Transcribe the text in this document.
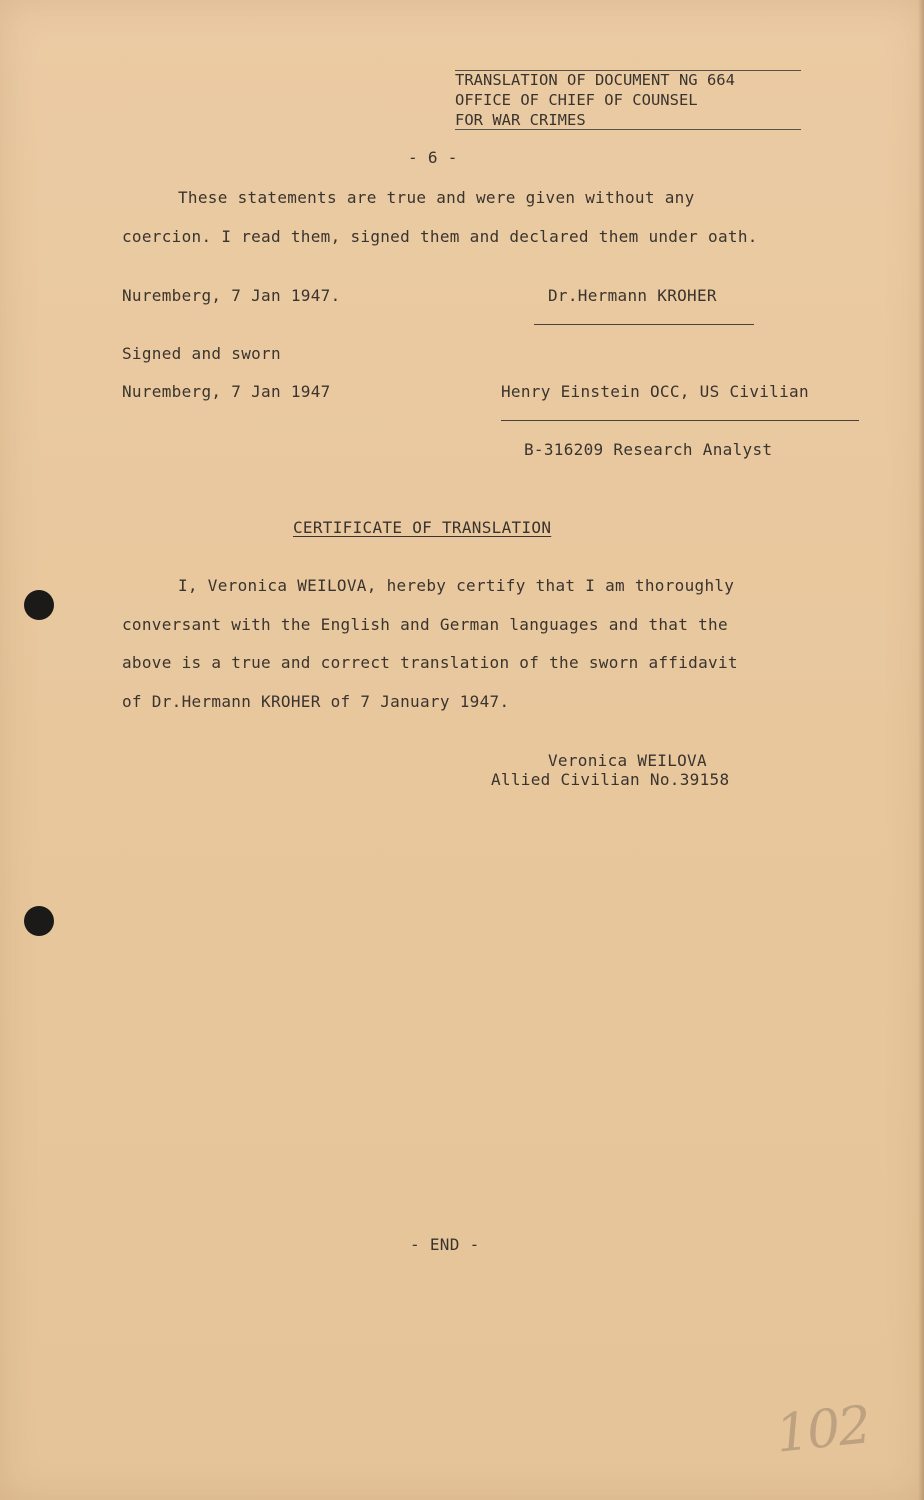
TRANSLATION OF DOCUMENT NG 664
OFFICE OF CHIEF OF COUNSEL
FOR WAR CRIMES
- 6 -
These statements are true and were given without any
coercion. I read them, signed them and declared them under oath.
Nuremberg, 7 Jan 1947.	Dr.Hermann KROHER
Signed and sworn
Nuremberg, 7 Jan 1947	Henry Einstein OCC, US Civilian
B-316209 Research Analyst
CERTIFICATE OF TRANSLATION
I, Veronica WEILOVA, hereby certify that I am thoroughly
conversant with the English and German languages and that the
above is a true and correct translation of the sworn affidavit
of Dr.Hermann KROHER of 7 January 1947.
Veronica WEILOVA
Allied Civilian No.39158
- END -
102
